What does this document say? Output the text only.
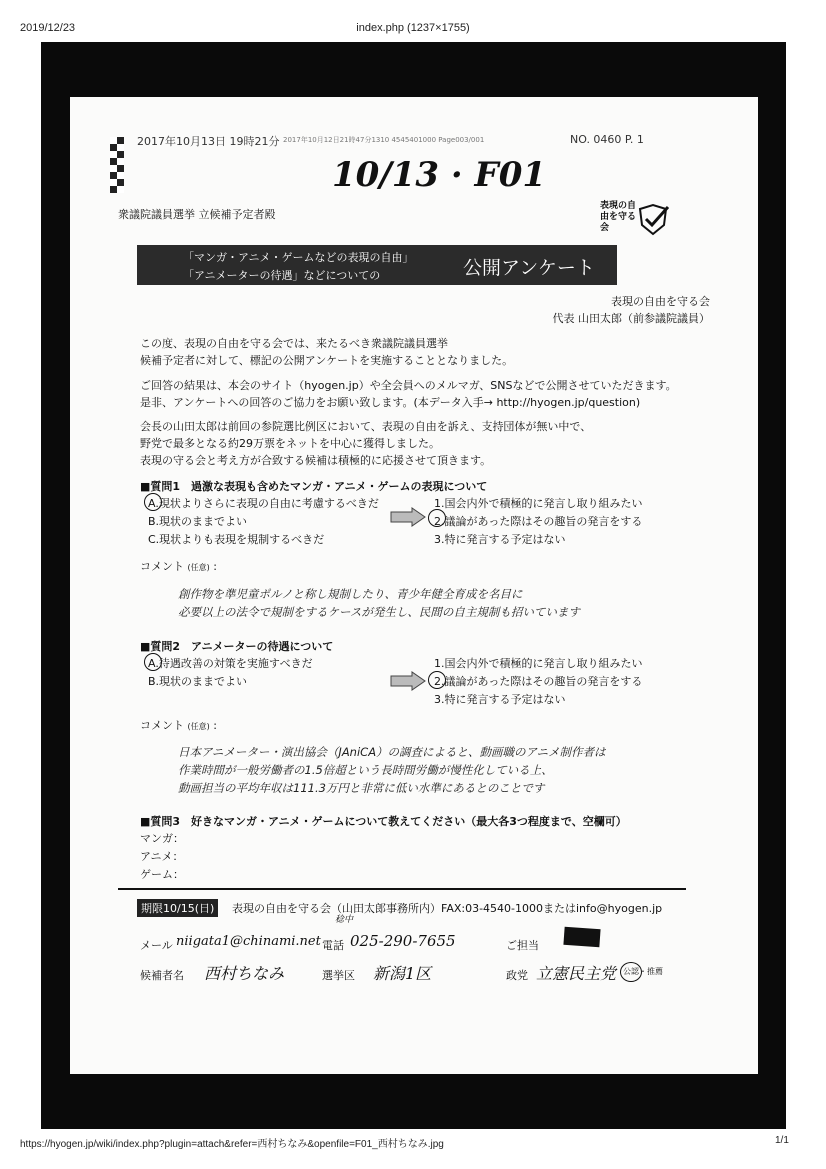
2019/12/23	index.php (1237×1755)
2017年10月13日 19時21分 2017年10月12日21時47分1310 4545401000 Page003/001	NO. 0460 P. 1
10/13 · F01
衆議院議員選挙 立候補予定者殿
表現の自由を守る会
「マンガ・アニメ・ゲームなどの表現の自由」
「アニメーターの待遇」などについての	公開アンケート
表現の自由を守る会
代表 山田太郎（前参議院議員）
この度、表現の自由を守る会では、来たるべき衆議院議員選挙
候補予定者に対して、標記の公開アンケートを実施することとなりました。
ご回答の結果は、本会のサイト（hyogen.jp）や全会員へのメルマガ、SNSなどで公開させていただきます。
是非、アンケートへの回答のご協力をお願い致します。(本データ入手→ http://hyogen.jp/question)
会長の山田太郎は前回の参院選比例区において、表現の自由を訴え、支持団体が無い中で、
野党で最多となる約29万票をネットを中心に獲得しました。
表現の守る会と考え方が合致する候補は積極的に応援させて頂きます。
■質問1　過激な表現も含めたマンガ・アニメ・ゲームの表現について
A.現状よりさらに表現の自由に考慮するべきだ
B.現状のままでよい
C.現状よりも表現を規制するべきだ
1.国会内外で積極的に発言し取り組みたい
2.議論があった際はその趣旨の発言をする
3.特に発言する予定はない
コメント (任意) :
創作物を準児童ポルノと称し規制したり、青少年健全育成を名目に
必要以上の法令で規制をするケースが発生し、民間の自主規制も招いています
■質問2　アニメーターの待遇について
A.待遇改善の対策を実施すべきだ
B.現状のままでよい
1.国会内外で積極的に発言し取り組みたい
2.議論があった際はその趣旨の発言をする
3.特に発言する予定はない
コメント (任意) :
日本アニメーター・演出協会（JAniCA）の調査によると、動画職のアニメ制作者は
作業時間が一般労働者の1.5倍超という長時間労働が慢性化している上、
動画担当の平均年収は111.3万円と非常に低い水準にあるとのことです
■質問3　好きなマンガ・アニメ・ゲームについて教えてください（最大各3つ程度まで、空欄可）
マンガ：
アニメ：
ゲーム：
期限10/15(日)	表現の自由を守る会（山田太郎事務所内）FAX:03-4540-1000またはinfo@hyogen.jp
稔中
メール niigata1@chinami.net 電話 025-290-7655	ご担当
候補者名 西村ちなみ	選挙区 新潟1区	政党 立憲民主党 公認・推薦
https://hyogen.jp/wiki/index.php?plugin=attach&refer=西村ちなみ&openfile=F01_西村ちなみ.jpg	1/1
